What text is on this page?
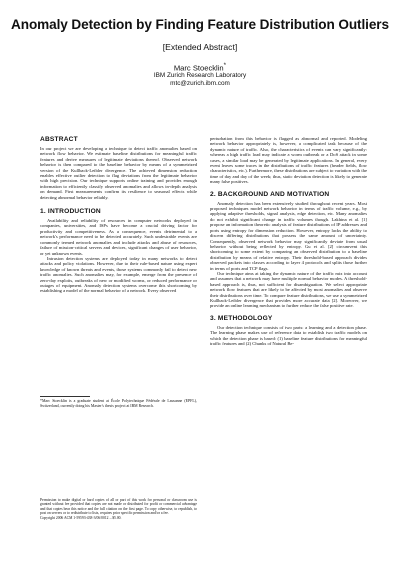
Anomaly Detection by Finding Feature Distribution Outliers
[Extended Abstract]
Marc Stoecklin*
IBM Zurich Research Laboratory
mtc@zurich.ibm.com
ABSTRACT

In our project we are developing a technique to detect traffic anomalies based on network flow behavior. We estimate baseline distributions for meaningful traffic features and derive measures of legitimate deviations thereof. Observed network behavior is then compared to the baseline behavior by means of a symmetrized version of the Kullback-Leibler divergence. The achieved dimension reduction enables effective outlier detection to flag deviations from the legitimate behavior with high precision. Our technique supports online training and provides enough information to efficiently classify observed anomalies and allows in-depth analysis on demand. First measurements confirm its resilience to seasonal effects while detecting abnormal behavior reliably.

1. INTRODUCTION

Availability and reliability of resources in computer networks deployed in companies, universities, and ISPs have become a crucial driving factor for productivity and competitiveness. As a consequence, events detrimental to a network's performance need to be detected accurately. Such undesirable events are commonly termed network anomalies and include attacks and abuse of resources, failure of mission-critical servers and devices, significant changes of user behavior, or yet unknown events.

Intrusion detection systems are deployed today in many networks to detect attacks and policy violations. However, due to their rule-based nature using expert knowledge of known threats and events, those systems commonly fail to detect new traffic anomalies. Such anomalies may, for example, emerge from the presence of zero-day exploits, outbreaks of new or modified worms, or reduced performance or outages of equipment. Anomaly detection systems overcome this shortcoming by establishing a model of the normal behavior of a network. Every observed

*Marc Stoecklin is a graduate student at École Polytechnique Fédérale de Lausanne (EPFL), Switzerland, currently doing his Master's thesis project at IBM Research.
Permission to make digital or hard copies of all or part of this work for personal or classroom use is granted without fee provided that copies are not made or distributed for profit or commercial advantage and that copies bear this notice and the full citation on the first page. To copy otherwise, to republish, to post on servers or to redistribute to lists, requires prior specific permission and/or a fee.
Copyright 2006 ACM 1-59593-438-3/06/0012 ...$5.00.

perturbation from this behavior is flagged as abnormal and reported. Modeling network behavior appropriately is, however, a complicated task because of the dynamic nature of traffic. Also, the characteristics of events can vary significantly: whereas a high traffic load may indicate a worm outbreak or a DoS attack in some cases, a similar load may be generated by legitimate applications. In general, every event leaves some traces in the distributions of traffic features (header fields, flow characteristics, etc.). Furthermore, these distributions are subject to variation with the time of day and day of the week; thus, static deviation detection is likely to generate many false positives.

2. BACKGROUND AND MOTIVATION

Anomaly detection has been extensively studied throughout recent years. Most proposed techniques model network behavior in terms of traffic volume, e.g., by applying adaptive thresholds, signal analysis, edge detection, etc. Many anomalies do not exhibit significant change in traffic volumes though. Lakhina et al. [1] propose an information theoretic analysis of feature distributions of IP addresses and ports using entropy for dimension reduction. However, entropy lacks the ability to discern differing distributions that possess the same amount of uncertainty. Consequently, observed network behavior may significantly deviate from usual behavior without being reflected by entropy. Gu et al. [2] circumvent this shortcoming to some extent by comparing an observed distribution to a baseline distribution by means of relative entropy. Their threshold-based approach divides observed packets into classes according to layer 4 protocols and splits those further in terms of ports and TCP flags.

Our technique aims at taking the dynamic nature of the traffic mix into account and assumes that a network may have multiple normal behavior modes. A threshold-based approach is, thus, not sufficient for disambiguation. We select appropriate network flow features that are likely to be affected by most anomalies and observe their distributions over time. To compare feature distributions, we use a symmetrized Kullback-Leibler divergence that provides more accurate data [2]. Moreover, we provide an online learning mechanism to further reduce the false positive rate.

3. METHODOLOGY

Our detection technique consists of two parts: a learning and a detection phase. The learning phase makes use of reference data to establish two traffic models on which the detection phase is based: (1) baseline feature distributions for meaningful traffic features and (2) Chunks of Natural Be-
